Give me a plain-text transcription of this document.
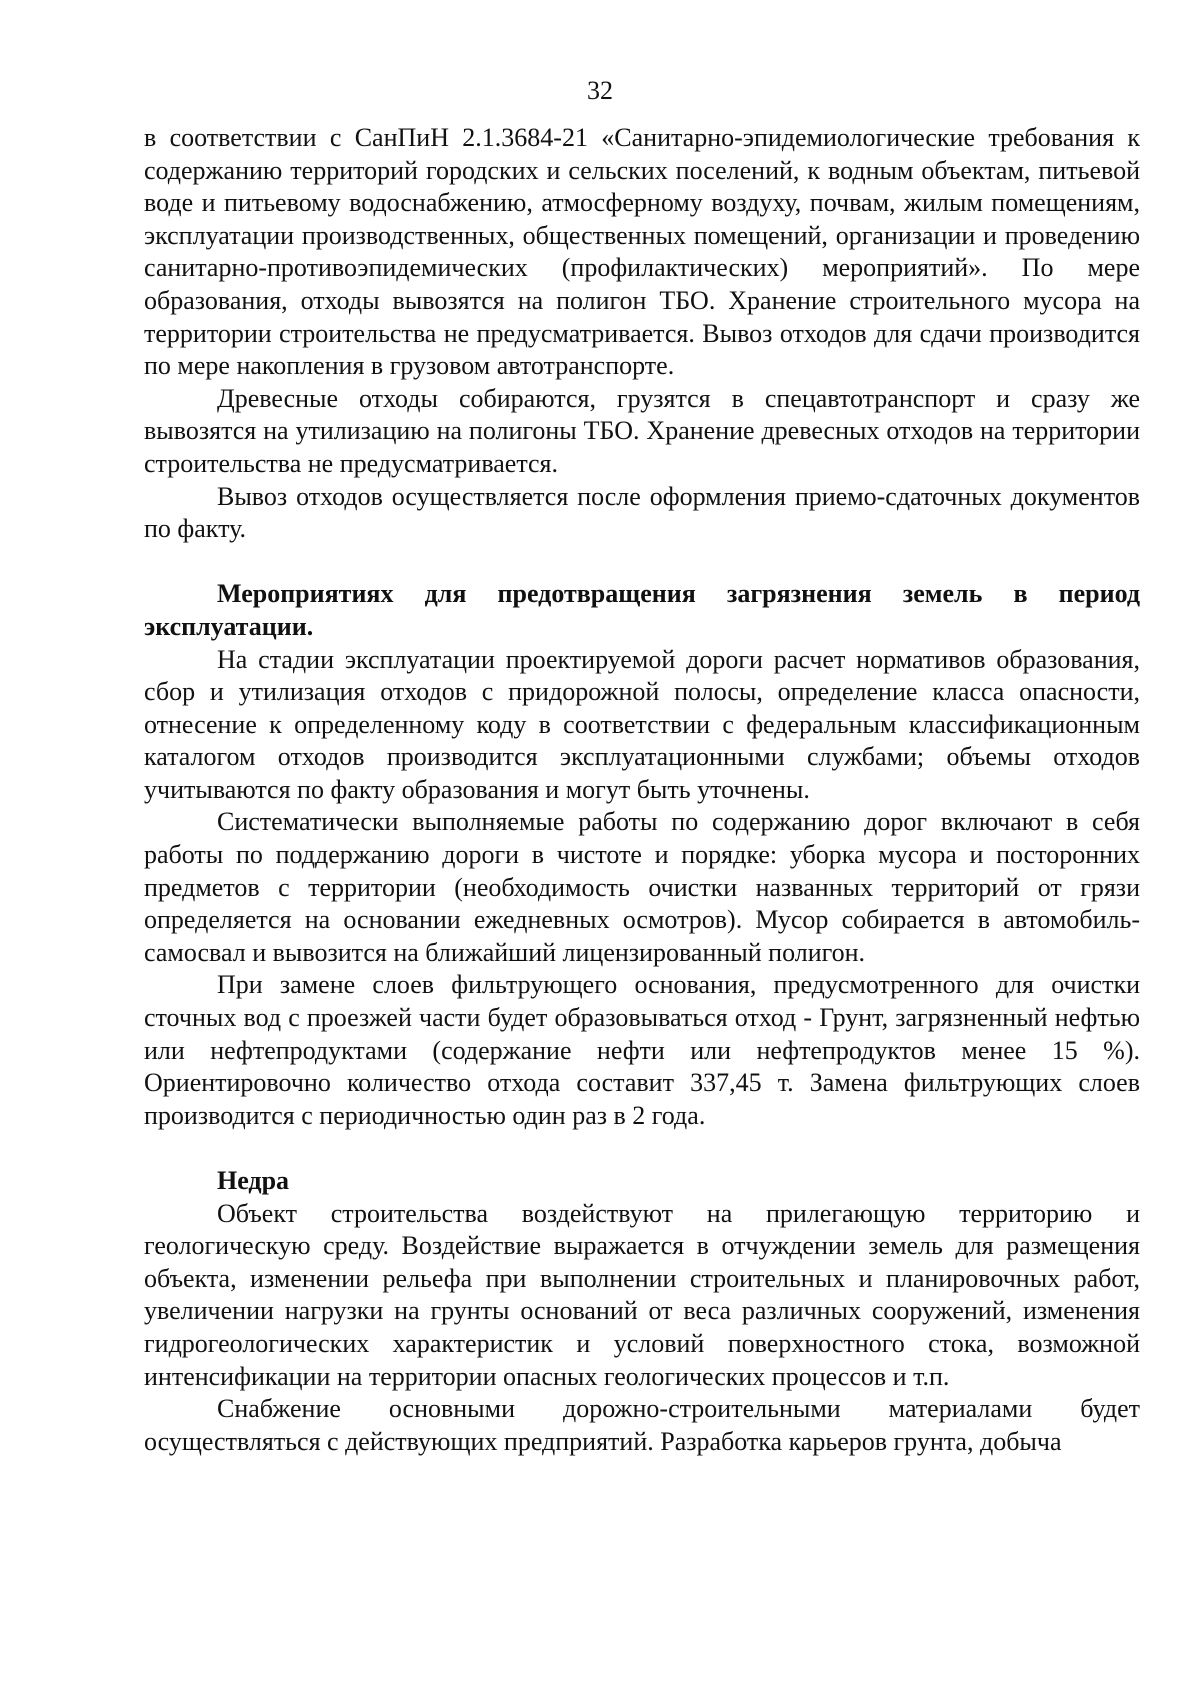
32

в соответствии с СанПиН 2.1.3684-21 «Санитарно-эпидемиологические требования к содержанию территорий городских и сельских поселений, к водным объектам, питьевой воде и питьевому водоснабжению, атмосферному воздуху, почвам, жилым помещениям, эксплуатации производственных, общественных помещений, организации и проведению санитарно-противоэпидемических (профилактических) мероприятий». По мере образования, отходы вывозятся на полигон ТБО. Хранение строительного мусора на территории строительства не предусматривается. Вывоз отходов для сдачи производится по мере накопления в грузовом автотранспорте.

Древесные отходы собираются, грузятся в спецавтотранспорт и сразу же вывозятся на утилизацию на полигоны ТБО. Хранение древесных отходов на территории строительства не предусматривается.

Вывоз отходов осуществляется после оформления приемо-сдаточных документов по факту.

Мероприятиях для предотвращения загрязнения земель в период эксплуатации.

На стадии эксплуатации проектируемой дороги расчет нормативов образования, сбор и утилизация отходов с придорожной полосы, определение класса опасности, отнесение к определенному коду в соответствии с федеральным классификационным каталогом отходов производится эксплуатационными службами; объемы отходов учитываются по факту образования и могут быть уточнены.

Систематически выполняемые работы по содержанию дорог включают в себя работы по поддержанию дороги в чистоте и порядке: уборка мусора и посторонних предметов с территории (необходимость очистки названных территорий от грязи определяется на основании ежедневных осмотров). Мусор собирается в автомобиль-самосвал и вывозится на ближайший лицензированный полигон.

При замене слоев фильтрующего основания, предусмотренного для очистки сточных вод с проезжей части будет образовываться отход - Грунт, загрязненный нефтью или нефтепродуктами (содержание нефти или нефтепродуктов менее 15 %). Ориентировочно количество отхода составит 337,45 т. Замена фильтрующих слоев производится с периодичностью один раз в 2 года.

Недра

Объект строительства воздействуют на прилегающую территорию и геологическую среду. Воздействие выражается в отчуждении земель для размещения объекта, изменении рельефа при выполнении строительных и планировочных работ, увеличении нагрузки на грунты оснований от веса различных сооружений, изменения гидрогеологических характеристик и условий поверхностного стока, возможной интенсификации на территории опасных геологических процессов и т.п.

Снабжение основными дорожно-строительными материалами будет осуществляться с действующих предприятий. Разработка карьеров грунта, добыча
